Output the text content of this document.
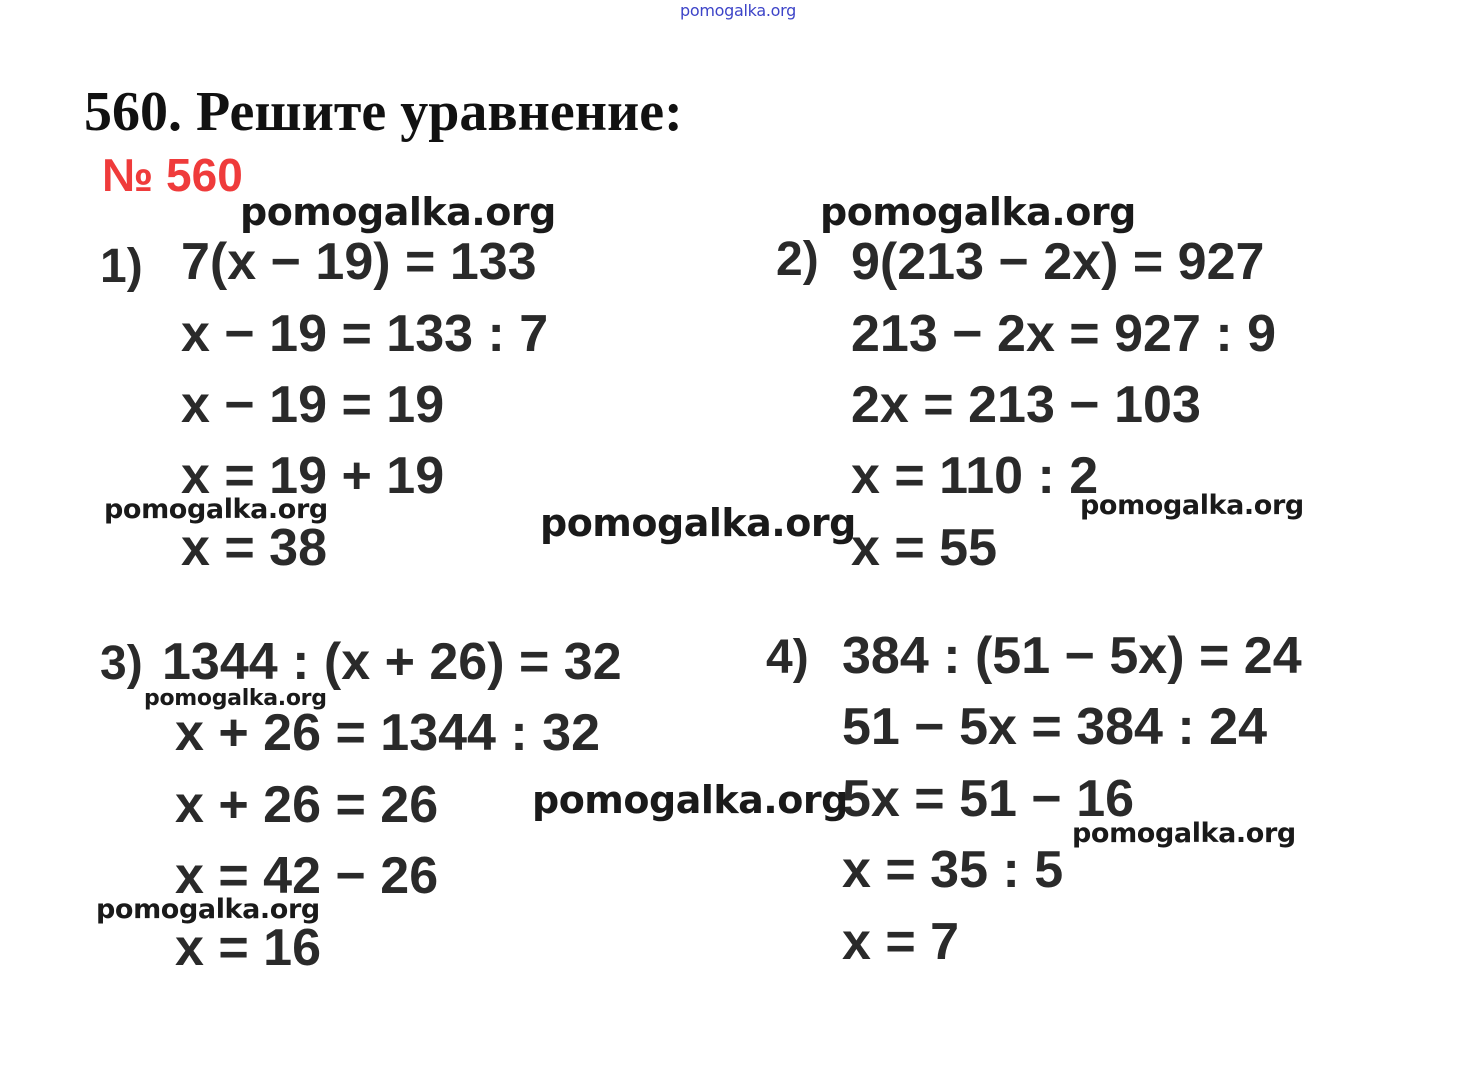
pomogalka.org
560. Решите уравнение:
№ 560
1) 7(x − 19) = 133
x − 19 = 133 : 7
x − 19 = 19
x = 19 + 19
x = 38
2) 9(213 − 2x) = 927
213 − 2x = 927 : 9
2x = 213 − 103
x = 110 : 2
x = 55
3) 1344 : (x + 26) = 32
x + 26 = 1344 : 32
x + 26 = 26
x = 42 − 26
x = 16
4) 384 : (51 − 5x) = 24
51 − 5x = 384 : 24
5x = 51 − 16
x = 35 : 5
x = 7
pomogalka.org	pomogalka.org
pomogalka.org	pomogalka.org	pomogalka.org
pomogalka.org
pomogalka.org
pomogalka.org
pomogalka.org
